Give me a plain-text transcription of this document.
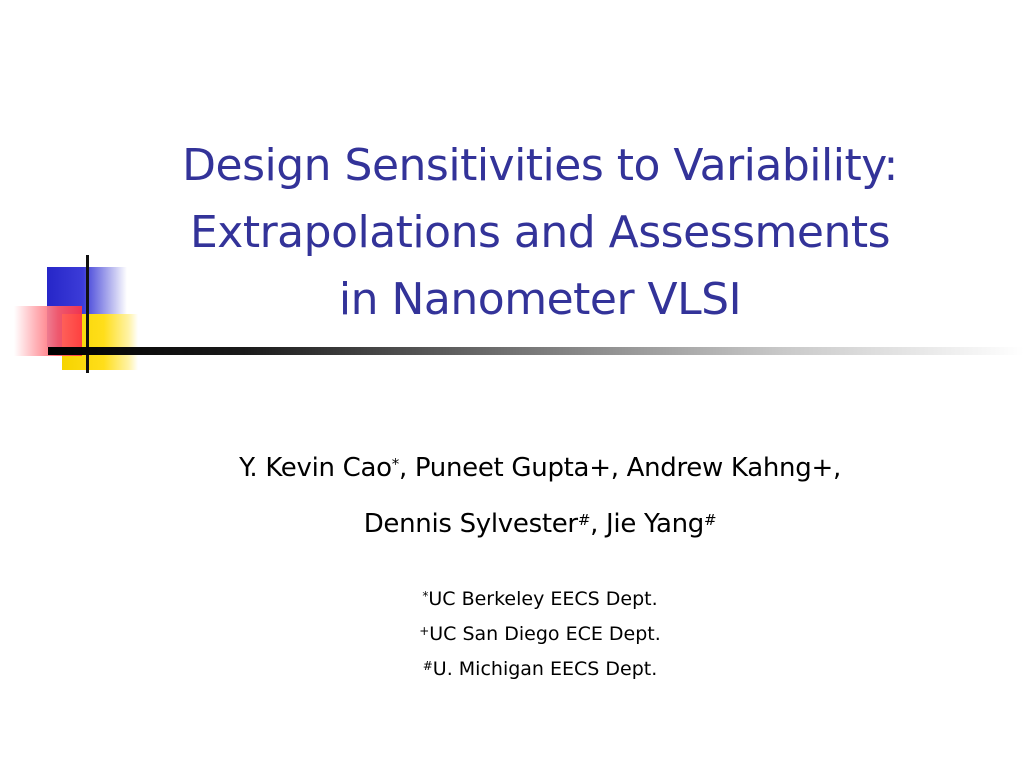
Design Sensitivities to Variability:
Extrapolations and Assessments
in Nanometer VLSI
Y. Kevin Cao*, Puneet Gupta+, Andrew Kahng+,
Dennis Sylvester#, Jie Yang#
*UC Berkeley EECS Dept.
+UC San Diego ECE Dept.
#U. Michigan EECS Dept.
